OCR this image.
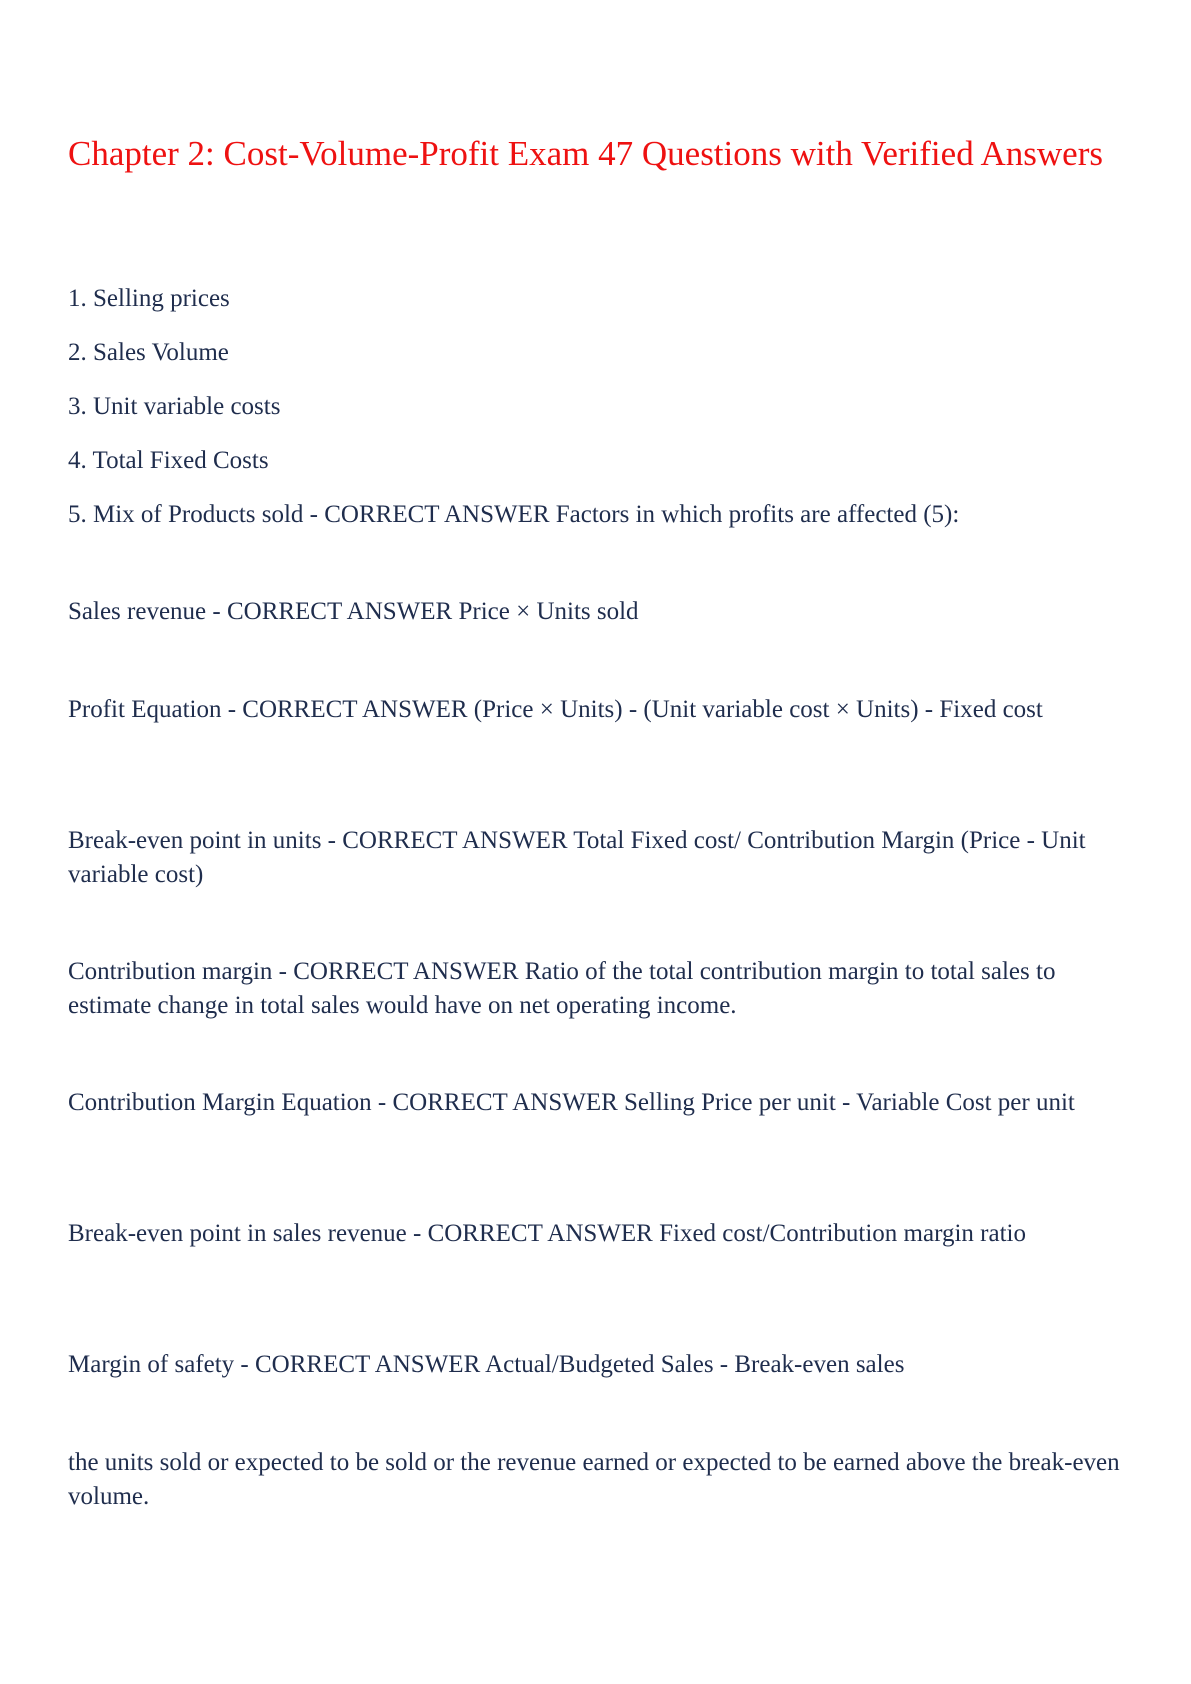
Chapter 2: Cost-Volume-Profit Exam 47 Questions with Verified Answers

1. Selling prices

2. Sales Volume

3. Unit variable costs

4. Total Fixed Costs

5. Mix of Products sold - CORRECT ANSWER Factors in which profits are affected (5):

Sales revenue - CORRECT ANSWER Price × Units sold

Profit Equation - CORRECT ANSWER (Price × Units) - (Unit variable cost × Units) - Fixed cost

Break-even point in units - CORRECT ANSWER Total Fixed cost/ Contribution Margin (Price - Unit variable cost)

Contribution margin - CORRECT ANSWER Ratio of the total contribution margin to total sales to estimate change in total sales would have on net operating income.

Contribution Margin Equation - CORRECT ANSWER Selling Price per unit - Variable Cost per unit

Break-even point in sales revenue - CORRECT ANSWER Fixed cost/Contribution margin ratio

Margin of safety - CORRECT ANSWER Actual/Budgeted Sales - Break-even sales

the units sold or expected to be sold or the revenue earned or expected to be earned above the break-even volume.
